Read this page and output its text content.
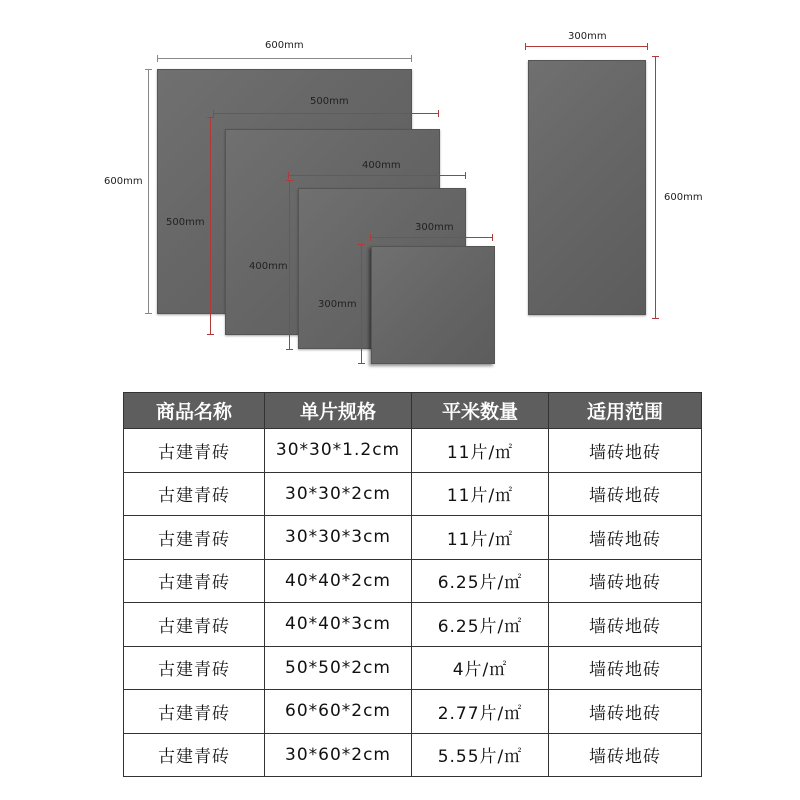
600mm
600mm
500mm
500mm
400mm
400mm
300mm
300mm
300mm
600mm
商品名称	单片规格	平米数量	适用范围
古建青砖	30*30*1.2cm	11片/㎡	墙砖地砖
古建青砖	30*30*2cm	11片/㎡	墙砖地砖
古建青砖	30*30*3cm	11片/㎡	墙砖地砖
古建青砖	40*40*2cm	6.25片/㎡	墙砖地砖
古建青砖	40*40*3cm	6.25片/㎡	墙砖地砖
古建青砖	50*50*2cm	4片/㎡	墙砖地砖
古建青砖	60*60*2cm	2.77片/㎡	墙砖地砖
古建青砖	30*60*2cm	5.55片/㎡	墙砖地砖
